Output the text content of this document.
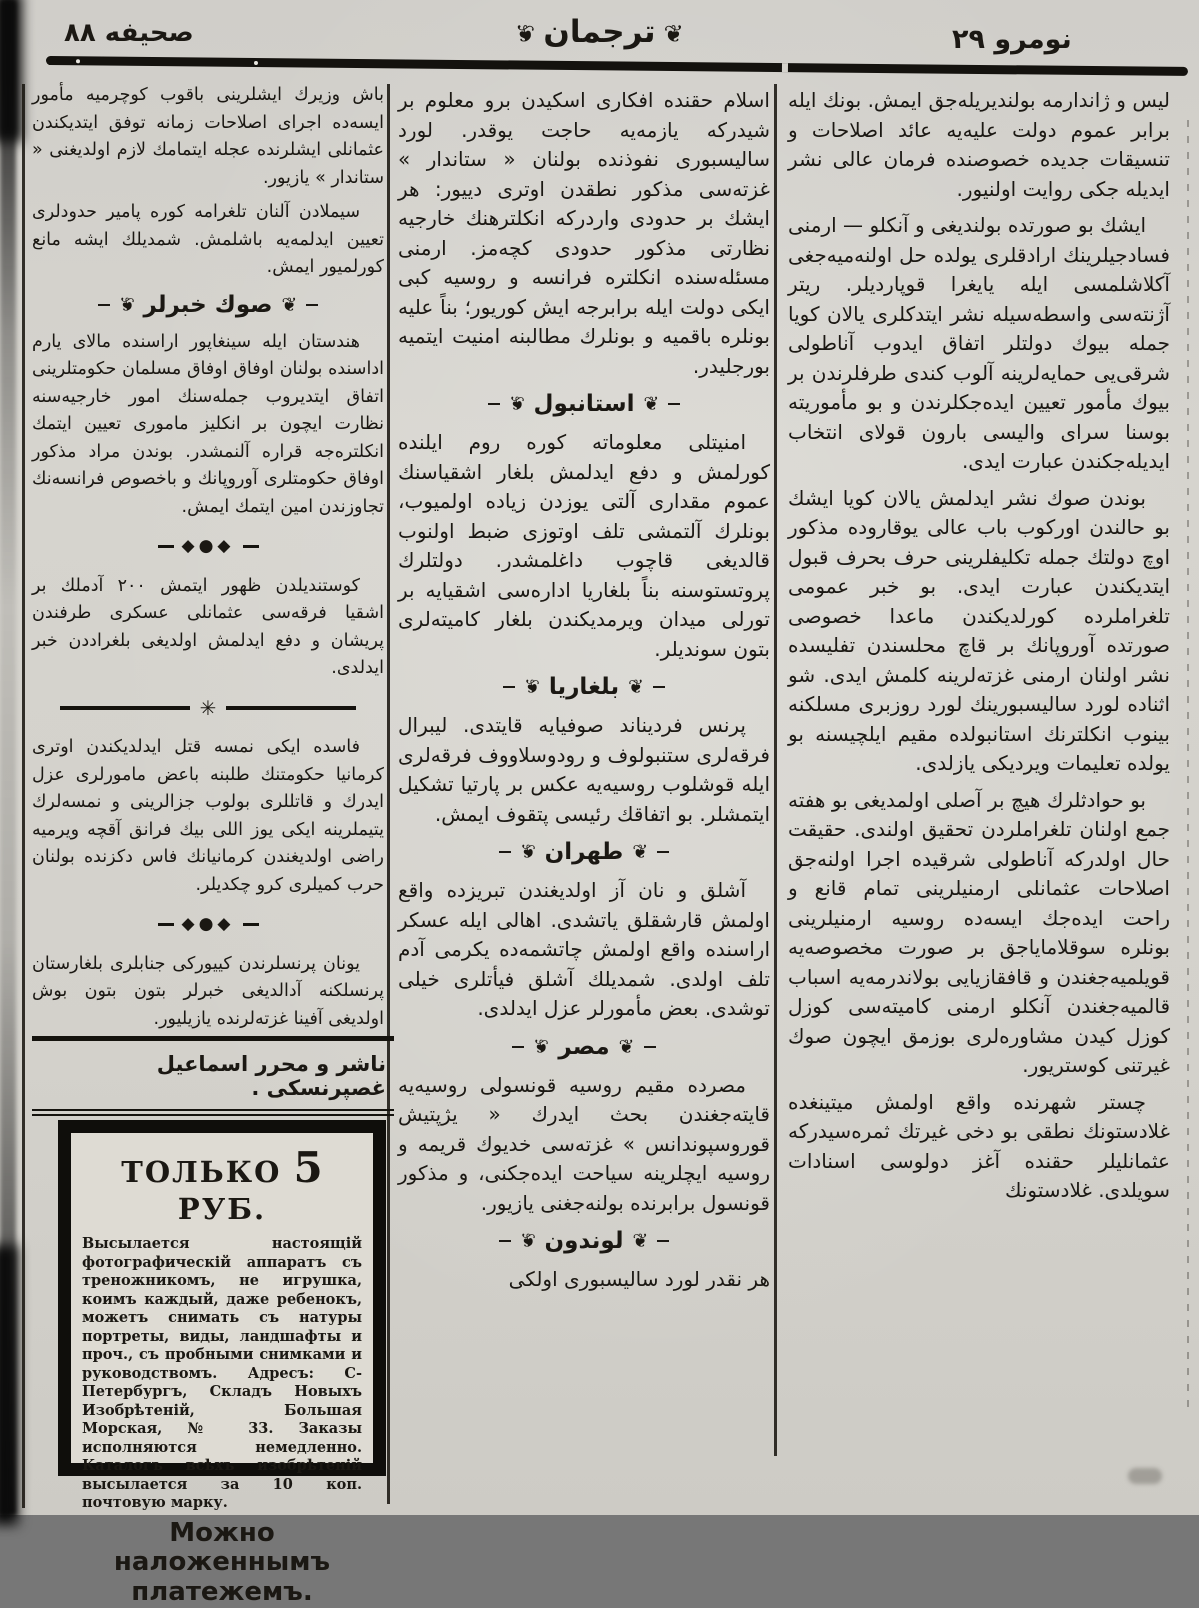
نومرو ٢٩
❦ترجمان❦
صحيفه ٨٨

ليس و ژاندارمه بولنديريله‌جق ايمش. بونك ايله برابر عموم دولت عليه‌يه عائد اصلاحات و تنسيقات جديده خصوصنده فرمان عالى نشر ايديله جكى روايت اولنيور.

ايشك بو صورتده بولنديغى و آنكلو — ارمنى فسادجيلرينك ارادقلرى يولده حل اولنه‌ميه‌جغى آكلاشلمسى ايله يايغرا قوپارديلر. ريتر آژنته‌سى واسطه‌سيله نشر ايتدكلرى يالان كويا جمله بيوك دولتلر اتفاق ايدوب آناطولى شرقى‌يى حمايه‌لرينه آلوب كندى طرفلرندن بر بيوك مأمور تعيين ايده‌جكلرندن و بو مأموريته بوسنا سراى واليسى بارون قولاى انتخاب ايديله‌جكندن عبارت ايدى.

بوندن صوك نشر ايدلمش يالان كويا ايشك بو حالندن اوركوب باب عالى يوقاروده مذكور اوچ دولتك جمله تكليفلرينى حرف بحرف قبول ايتديكندن عبارت ايدى. بو خبر عمومى تلغراملرده كورلديكندن ماعدا خصوصى صورتده آوروپانك بر قاچ محلسندن تفليسده نشر اولنان ارمنى غزته‌لرينه كلمش ايدى. شو اثناده لورد ساليسبورينك لورد روزبرى مسلكنه بينوب انكلترنك استانبولده مقيم ايلچيسنه بو يولده تعليمات ويرديكى يازلدى.

بو حوادثلرك هيچ بر آصلى اولمديغى بو هفته جمع اولنان تلغراملردن تحقيق اولندى. حقيقت حال اولدركه آناطولى شرقيده اجرا اولنه‌جق اصلاحات عثمانلى ارمنيلرينى تمام قانع و راحت ايده‌جك ايسه‌ده روسيه ارمنيلرينى بونلره سوقلاماياجق بر صورت مخصوصه‌يه قويلميه‌جغندن و قافقازيايى بولاندرمه‌يه اسباب قالميه‌جغندن آنكلو ارمنى كاميته‌سى كوزل كوزل كيدن مشاوره‌لرى بوزمق ايچون صوك غيرتنى كوستريور.

چستر شهرنده واقع اولمش ميتينغده غلادستونك نطقى بو دخى غيرتك ثمره‌سيدركه عثمانليلر حقنده آغز دولوسى اسنادات سويلدى. غلادستونك

اسلام حقنده افكارى اسكيدن برو معلوم بر شيدركه يازمه‌يه حاجت يوقدر. لورد ساليسبورى نفوذنده بولنان « ستاندار » غزته‌سى مذكور نطقدن اوترى دييور: هر ايشك بر حدودى واردركه انكلترهنك خارجيه نظارتى مذكور حدودى كچه‌مز. ارمنى مسئله‌سنده انكلتره فرانسه و روسيه كبى ايكى دولت ايله برابرجه ايش كوريور؛ بناً عليه بونلره باقميه و بونلرك مطالبنه امنيت ايتميه بورجليدر.

❦
استانبول
❦

امنيتلى معلوماته كوره روم ايلنده كورلمش و دفع ايدلمش بلغار اشقياسنك عموم مقدارى آلتى يوزدن زياده اولميوب، بونلرك آلتمشى تلف اوتوزى ضبط اولنوب قالديغى قاچوب داغلمشدر. دولتلرك پروتستوسنه بناً بلغاريا اداره‌سى اشقيايه بر تورلى ميدان ويرمديكندن بلغار كاميته‌لرى بتون سونديلر.

❦
بلغاريا
❦

پرنس فرديناند صوفيايه قايتدى. ليبرال فرقه‌لرى ستنبولوف و رودوسلاووف فرقه‌لرى ايله قوشلوب روسيه‌يه عكس بر پارتيا تشكيل ايتمشلر. بو اتفاقك رئيسى پتقوف ايمش.

❦
طهران
❦

آشلق و نان آز اولديغندن تبريزده واقع اولمش قارشقلق ياتشدى. اهالى ايله عسكر اراسنده واقع اولمش چاتشمه‌ده يكرمى آدم تلف اولدى. شمديلك آشلق فيأتلرى خيلى توشدى. بعض مأمورلر عزل ايدلدى.

❦
مصر
❦

مصرده مقيم روسيه قونسولى روسيه‌يه قايته‌جغندن بحث ايدرك « يژپتيش قوروسپوندانس » غزته‌سى خديوك قريمه و روسيه ايچلرينه سياحت ايده‌جكنى، و مذكور قونسول برابرنده بولنه‌جغنى يازيور.

❦
لوندون
❦

هر نقدر لورد ساليسبورى اولكى

باش وزيرك ايشلرينى باقوب كوچرميه مأمور ايسه‌ده اجراى اصلاحات زمانه توفق ايتديكندن عثمانلى ايشلرنده عجله ايتمامك لازم اولديغنى « ستاندار » يازيور.

سيملادن آلنان تلغرامه كوره پامير حدودلرى تعيين ايدلمه‌يه باشلمش. شمديلك ايشه مانع كورلميور ايمش.

❦
صوك خبرلر
❦

هندستان ايله سينغاپور اراسنده مالاى يارم اداسنده بولنان اوفاق اوفاق مسلمان حكومتلرينى اتفاق ايتديروب جمله‌سنك امور خارجيه‌سنه نظارت ايچون بر انكليز مامورى تعيين ايتمك انكلتره‌جه قراره آلنمشدر. بوندن مراد مذكور اوفاق حكومتلرى آوروپانك و باخصوص فرانسه‌نك تجاوزندن امين ايتمك ايمش.

◆●◆

كوستنديلدن ظهور ايتمش ٢٠٠ آدملك بر اشقيا فرقه‌سى عثمانلى عسكرى طرفندن پريشان و دفع ايدلمش اولديغى بلغراددن خبر ايدلدى.

✳

فاسده ايكى نمسه قتل ايدلديكندن اوترى كرمانيا حكومتنك طلبنه باعض مامورلرى عزل ايدرك و قاتللرى بولوب جزالرينى و نمسه‌لرك يتيملرينه ايكى يوز اللى بيك فرانق آقچه ويرميه راضى اولديغندن كرمانيانك فاس دكزنده بولنان حرب كميلرى كرو چكديلر.

◆●◆

يونان پرنسلرندن كييوركى جنابلرى بلغارستان پرنسلكنه آدالديغى خبرلر بتون بتون بوش اولديغى آفينا غزته‌لرنده يازيليور.

ناشر و محرر اسماعيل غصپرنسكى .
ТОЛЬКО 5 РУБ.
Высылается настоящій фотографическій аппаратъ съ треножникомъ, не игрушка, коимъ каждый, даже ребенокъ, можетъ снимать съ натуры портреты, виды, ландшафты и проч., съ пробными снимками и руководствомъ. Адресъ: С-Петербургъ, Складъ Новыхъ Изобрѣтеній, Большая Морская, № 33. Заказы исполняются немедленно. Каталогъ всѣхъ изобрѣтеній высылается за 10 коп. почтовую марку.
Можно наложеннымъ платежемъ.
